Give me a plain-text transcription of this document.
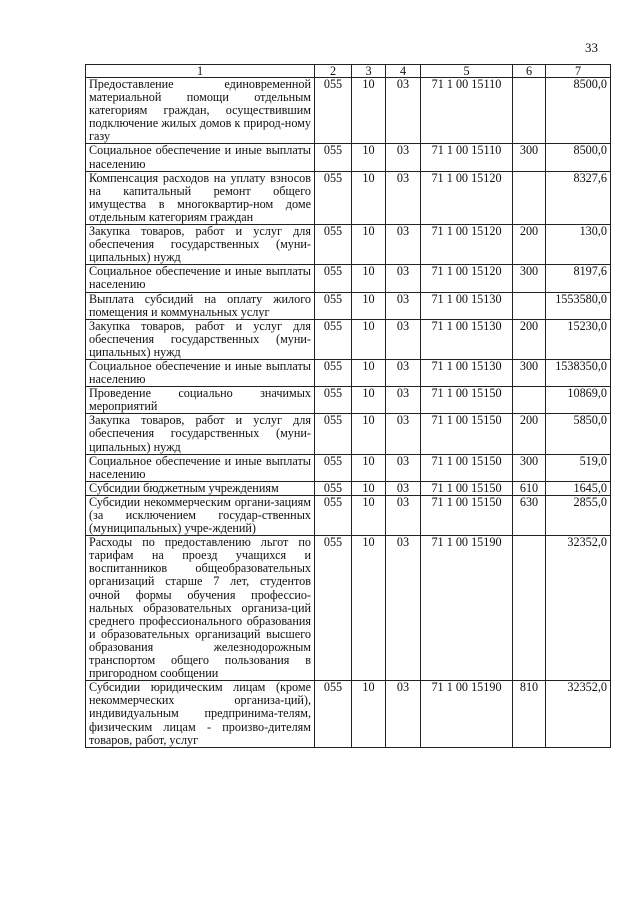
33
1	2	3	4	5	6	7
Предоставление единовременной материальной помощи отдельным категориям граждан, осуществившим подключение жилых домов к природ-ному газу	055	10	03	71 1 00 15110		8500,0
Социальное обеспечение и иные выплаты населению	055	10	03	71 1 00 15110	300	8500,0
Компенсация расходов на уплату взносов на капитальный ремонт общего имущества в многоквартир-ном доме отдельным категориям граждан	055	10	03	71 1 00 15120		8327,6
Закупка товаров, работ и услуг для обеспечения государственных (муни-ципальных) нужд	055	10	03	71 1 00 15120	200	130,0
Социальное обеспечение и иные выплаты населению	055	10	03	71 1 00 15120	300	8197,6
Выплата субсидий на оплату жилого помещения и коммунальных услуг	055	10	03	71 1 00 15130		1553580,0
Закупка товаров, работ и услуг для обеспечения государственных (муни-ципальных) нужд	055	10	03	71 1 00 15130	200	15230,0
Социальное обеспечение и иные выплаты населению	055	10	03	71 1 00 15130	300	1538350,0
Проведение социально значимых мероприятий	055	10	03	71 1 00 15150		10869,0
Закупка товаров, работ и услуг для обеспечения государственных (муни-ципальных) нужд	055	10	03	71 1 00 15150	200	5850,0
Социальное обеспечение и иные выплаты населению	055	10	03	71 1 00 15150	300	519,0
Субсидии бюджетным учреждениям	055	10	03	71 1 00 15150	610	1645,0
Субсидии некоммерческим органи-зациям (за исключением государ-ственных (муниципальных) учре-ждений)	055	10	03	71 1 00 15150	630	2855,0
Расходы по предоставлению льгот по тарифам на проезд учащихся и воспитанников общеобразовательных организаций старше 7 лет, студентов очной формы обучения профессио-нальных образовательных организа-ций среднего профессионального образования и образовательных организаций высшего образования железнодорожным транспортом общего пользования в пригородном сообщении	055	10	03	71 1 00 15190		32352,0
Субсидии юридическим лицам (кроме некоммерческих организа-ций), индивидуальным предпринима-телям, физическим лицам - произво-дителям товаров, работ, услуг	055	10	03	71 1 00 15190	810	32352,0
